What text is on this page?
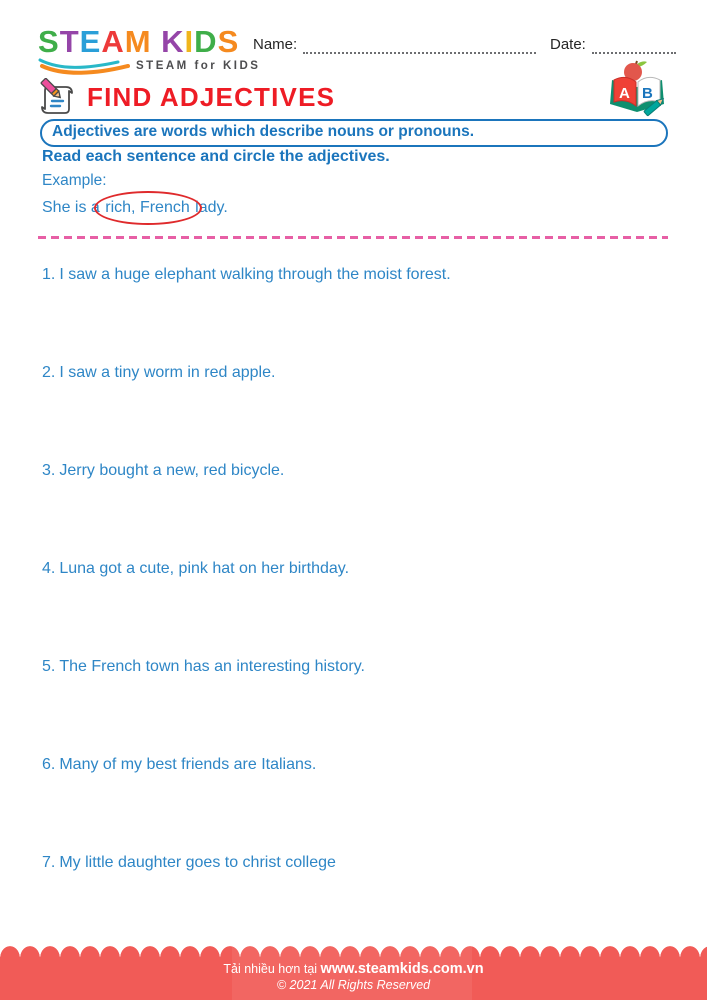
STEAM KIDS
STEAM for KIDS
Name:	Date:
FIND ADJECTIVES	A B
Adjectives are words which describe nouns or pronouns.
Read each sentence and circle the adjectives.
Example:
She is a
rich, French lady.
1. I saw a huge elephant walking through the moist forest.
2. I saw a tiny worm in red apple.
3. Jerry bought a new, red bicycle.
4. Luna got a cute, pink hat on her birthday.
5. The French town has an interesting history.
6. Many of my best friends are Italians.
7. My little daughter goes to christ college
Tải nhiều hơn tại www.steamkids.com.vn
© 2021 All Rights Reserved
